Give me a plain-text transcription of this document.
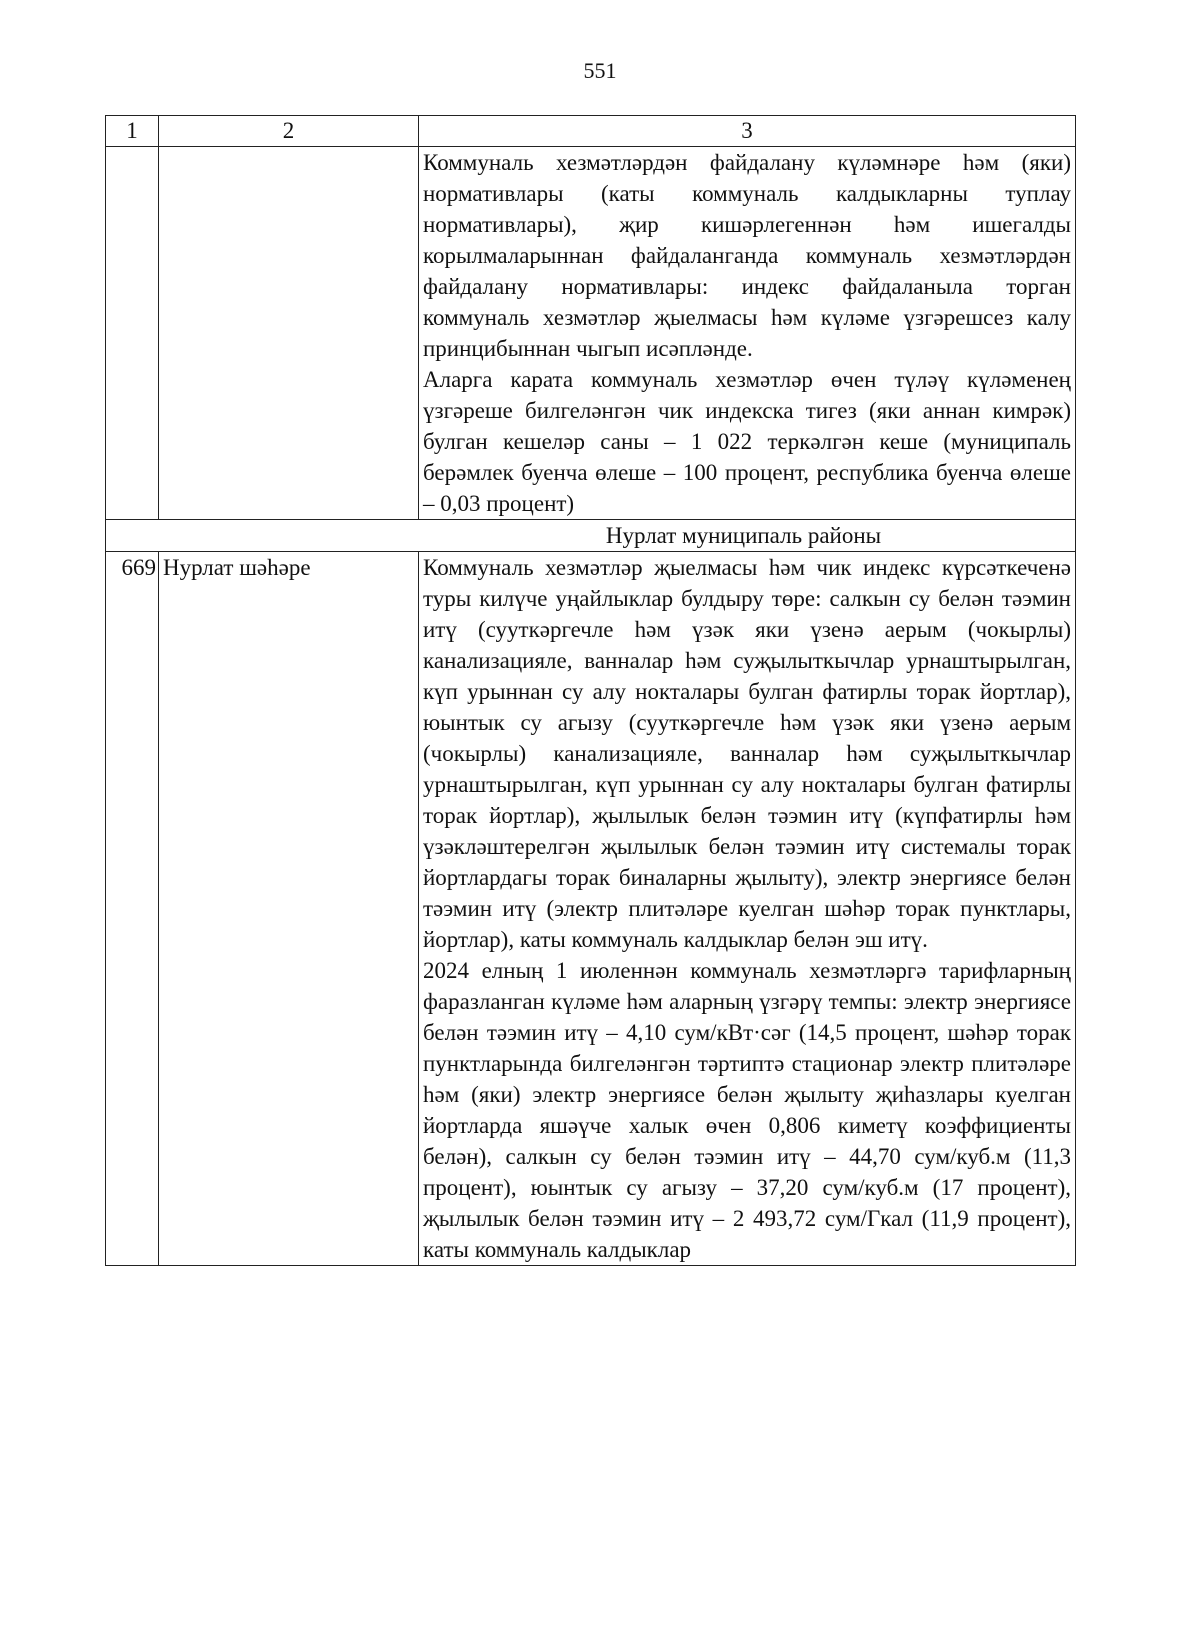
551
1	2	3

		Коммуналь хезмәтләрдән файдалану күләмнәре һәм (яки) нормативлары (каты коммуналь калдыкларны туплау нормативлары), җир кишәрлегеннән һәм ишегалды корылмаларыннан файдаланганда коммуналь хезмәтләрдән файдалану нормативлары: индекс файдаланыла торган коммуналь хезмәтләр җыелмасы һәм күләме үзгәрешсез калу принцибыннан чыгып исәпләнде.

Аларга карата коммуналь хезмәтләр өчен түләү күләменең үзгәреше билгеләнгән чик индекска тигез (яки аннан кимрәк) булган кешеләр саны – 1 022 теркәлгән кеше (муниципаль берәмлек буенча өлеше – 100 процент, республика буенча өлеше – 0,03 процент)

Нурлат муниципаль районы		
669	Нурлат шәһәре	Коммуналь хезмәтләр җыелмасы һәм чик индекс күрсәткеченә туры килүче уңайлыклар булдыру төре: салкын су белән тәэмин итү (сууткәргечле һәм үзәк яки үзенә аерым (чокырлы) канализацияле, ванналар һәм суҗылыткычлар урнаштырылган, күп урыннан су алу нокталары булган фатирлы торак йортлар), юынтык су агызу (сууткәргечле һәм үзәк яки үзенә аерым (чокырлы) канализацияле, ванналар һәм суҗылыткычлар урнаштырылган, күп урыннан су алу нокталары булган фатирлы торак йортлар), җылылык белән тәэмин итү (күпфатирлы һәм үзәкләштерелгән җылылык белән тәэмин итү системалы торак йортлардагы торак биналарны җылыту), электр энергиясе белән тәэмин итү (электр плитәләре куелган шәһәр торак пунктлары, йортлар), каты коммуналь калдыклар белән эш итү.

2024 елның 1 июленнән коммуналь хезмәтләргә тарифларның фаразланган күләме һәм аларның үзгәрү темпы: электр энергиясе белән тәэмин итү – 4,10 сум/кВт·сәг (14,5 процент, шәһәр торак пунктларында билгеләнгән тәртиптә стационар электр плитәләре һәм (яки) электр энергиясе белән җылыту җиһазлары куелган йортларда яшәүче халык өчен 0,806 киметү коэффициенты белән), салкын су белән тәэмин итү – 44,70 сум/куб.м (11,3 процент), юынтык су агызу – 37,20 сум/куб.м (17 процент), җылылык белән тәэмин итү – 2 493,72 сум/Гкал (11,9 процент), каты коммуналь калдыклар
